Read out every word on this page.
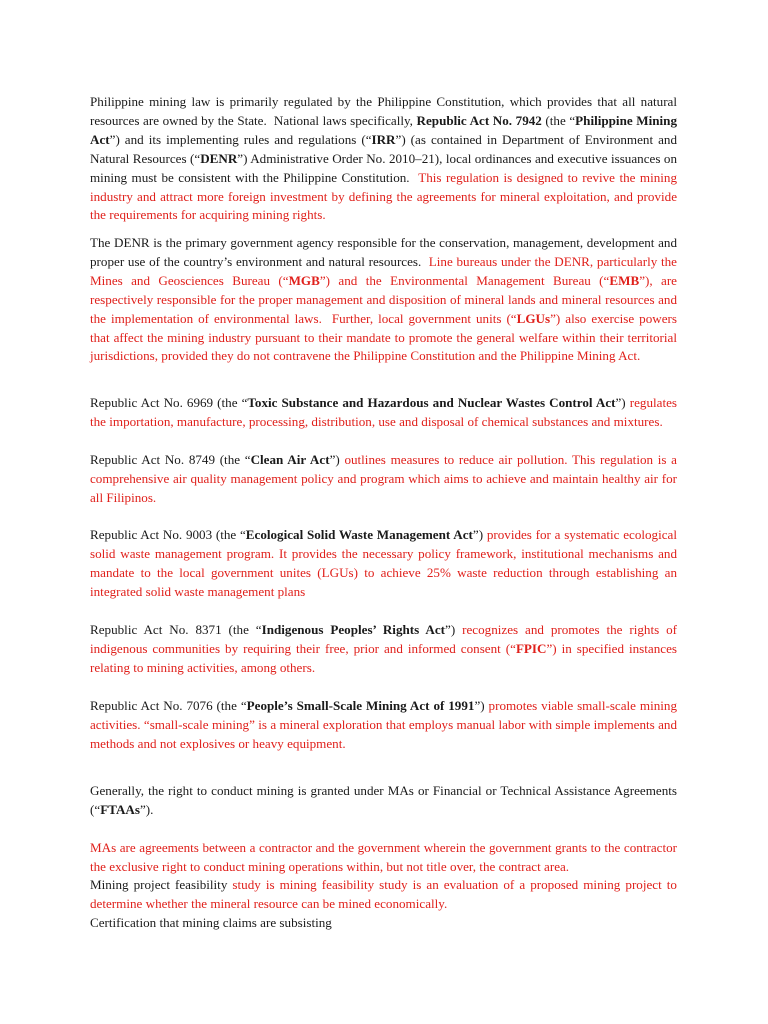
Philippine mining law is primarily regulated by the Philippine Constitution, which provides that all natural resources are owned by the State.  National laws specifically, Republic Act No. 7942 (the “Philippine Mining Act”) and its implementing rules and regulations (“IRR”) (as contained in Department of Environment and Natural Resources (“DENR”) Administrative Order No. 2010–21), local ordinances and executive issuances on mining must be consistent with the Philippine Constitution.  This regulation is designed to revive the mining industry and attract more foreign investment by defining the agreements for mineral exploitation, and provide the requirements for acquiring mining rights.

The DENR is the primary government agency responsible for the conservation, management, development and proper use of the country’s environment and natural resources.  Line bureaus under the DENR, particularly the Mines and Geosciences Bureau (“MGB”) and the Environmental Management Bureau (“EMB”), are respectively responsible for the proper management and disposition of mineral lands and mineral resources and the implementation of environmental laws.  Further, local government units (“LGUs”) also exercise powers that affect the mining industry pursuant to their mandate to promote the general welfare within their territorial jurisdictions, provided they do not contravene the Philippine Constitution and the Philippine Mining Act.

Republic Act No. 6969 (the “Toxic Substance and Hazardous and Nuclear Wastes Control Act”) regulates the importation, manufacture, processing, distribution, use and disposal of chemical substances and mixtures.

Republic Act No. 8749 (the “Clean Air Act”) outlines measures to reduce air pollution. This regulation is a comprehensive air quality management policy and program which aims to achieve and maintain healthy air for all Filipinos.

Republic Act No. 9003 (the “Ecological Solid Waste Management Act”) provides for a systematic ecological solid waste management program. It provides the necessary policy framework, institutional mechanisms and mandate to the local government unites (LGUs) to achieve 25% waste reduction through establishing an integrated solid waste management plans

Republic Act No. 8371 (the “Indigenous Peoples’ Rights Act”) recognizes and promotes the rights of indigenous communities by requiring their free, prior and informed consent (“FPIC”) in specified instances relating to mining activities, among others.

Republic Act No. 7076 (the “People’s Small-Scale Mining Act of 1991”) promotes viable small-scale mining activities. “small-scale mining” is a mineral exploration that employs manual labor with simple implements and methods and not explosives or heavy equipment.

Generally, the right to conduct mining is granted under MAs or Financial or Technical Assistance Agreements (“FTAAs”).

MAs are agreements between a contractor and the government wherein the government grants to the contractor the exclusive right to conduct mining operations within, but not title over, the contract area.

Mining project feasibility study is mining feasibility study is an evaluation of a proposed mining project to determine whether the mineral resource can be mined economically.

Certification that mining claims are subsisting
